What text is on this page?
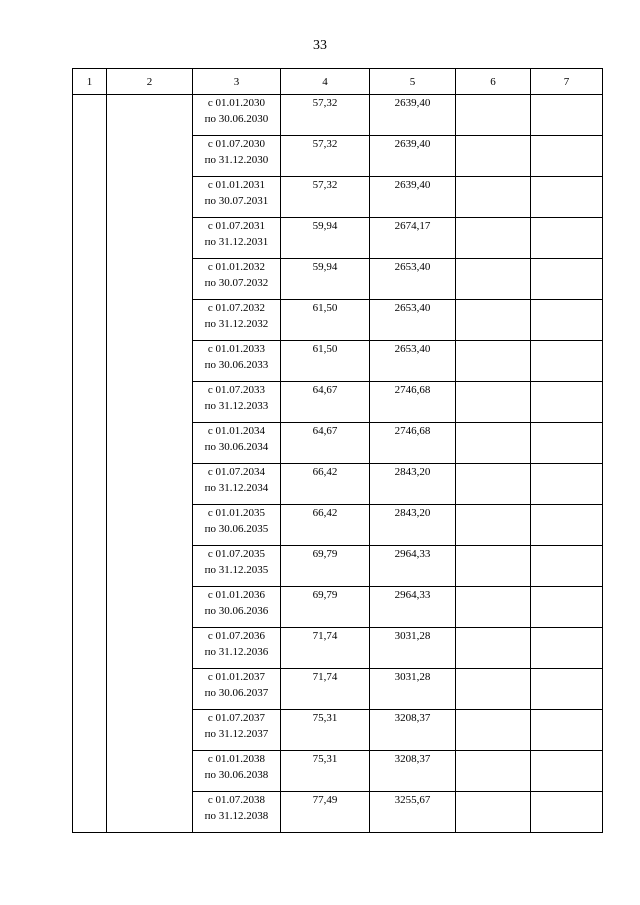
33
1	2	3	4	5	6	7

		с 01.01.2030
по 30.06.2030	57,32	2639,40		

		с 01.07.2030
по 31.12.2030	57,32	2639,40		

		с 01.01.2031
по 30.07.2031	57,32	2639,40		

		с 01.07.2031
по 31.12.2031	59,94	2674,17		

		с 01.01.2032
по 30.07.2032	59,94	2653,40		

		с 01.07.2032
по 31.12.2032	61,50	2653,40		

		с 01.01.2033
по 30.06.2033	61,50	2653,40		

		с 01.07.2033
по 31.12.2033	64,67	2746,68		

		с 01.01.2034
по 30.06.2034	64,67	2746,68		

		с 01.07.2034
по 31.12.2034	66,42	2843,20		

		с 01.01.2035
по 30.06.2035	66,42	2843,20		

		с 01.07.2035
по 31.12.2035	69,79	2964,33		

		с 01.01.2036
по 30.06.2036	69,79	2964,33		

		с 01.07.2036
по 31.12.2036	71,74	3031,28		

		с 01.01.2037
по 30.06.2037	71,74	3031,28		

		с 01.07.2037
по 31.12.2037	75,31	3208,37		

		с 01.01.2038
по 30.06.2038	75,31	3208,37		

		с 01.07.2038
по 31.12.2038	77,49	3255,67		
